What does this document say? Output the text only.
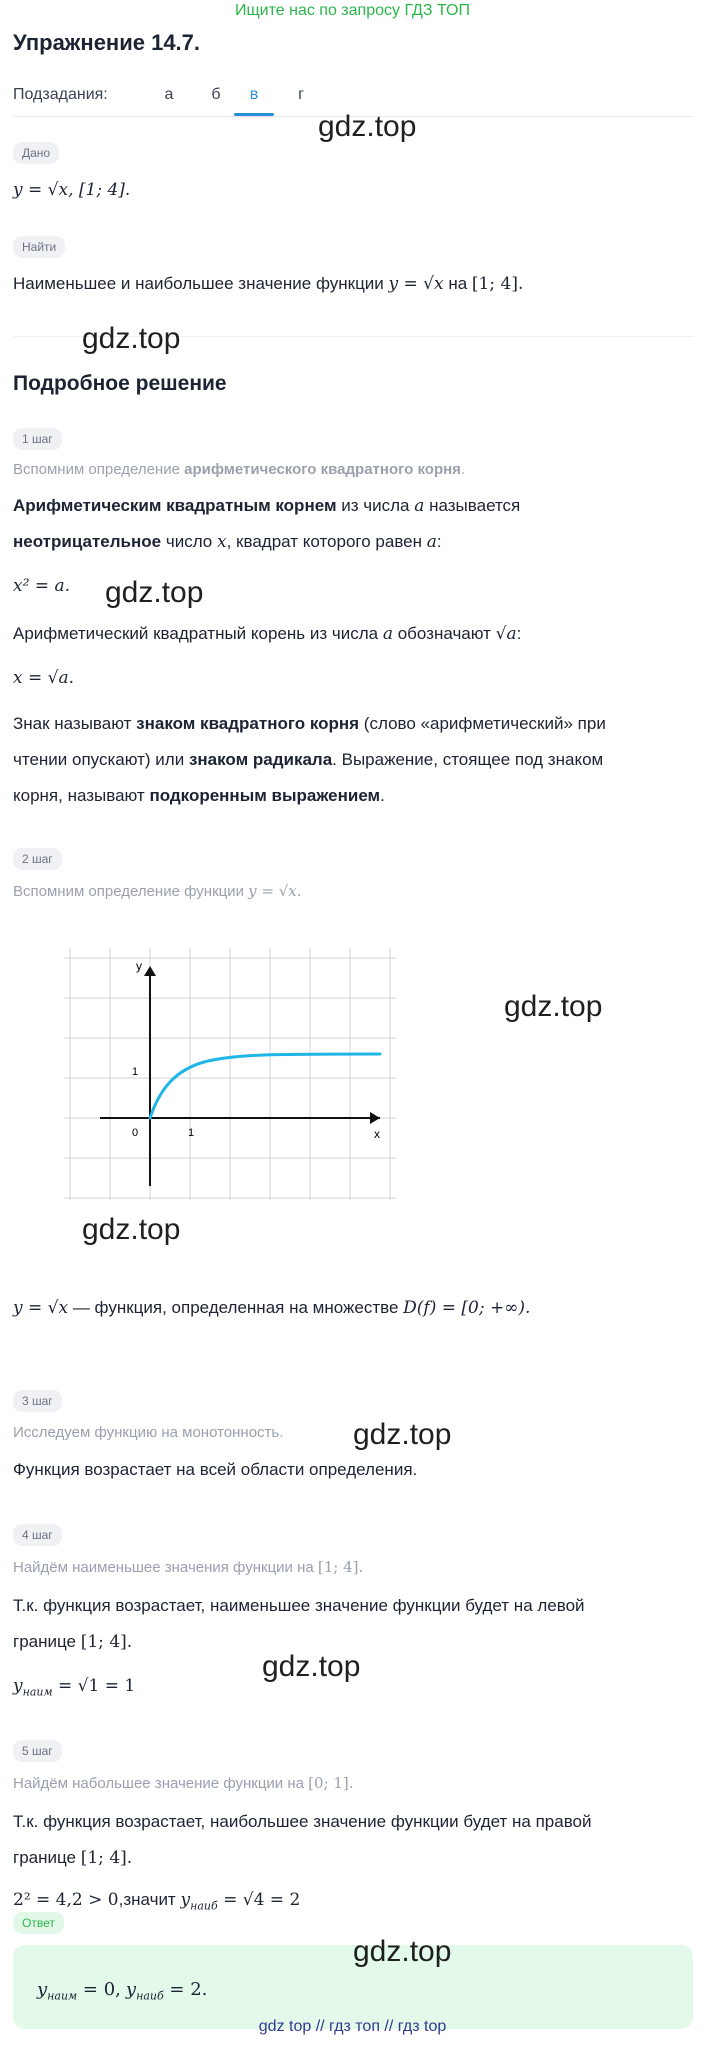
Ищите нас по запросу ГДЗ ТОП
Упражнение 14.7.
Подзадания:	а	б	в	г
gdz.top
Дано
y = √x, [1; 4].
Найти
Наименьшее и наибольшее значение функции y = √x на [1; 4].
gdz.top
Подробное решение
1 шаг
Вспомним определение арифметического квадратного корня.
Арифметическим квадратным корнем из числа a называется
неотрицательное число x, квадрат которого равен a:
x² = a. gdz.top
Арифметический квадратный корень из числа a обозначают √a:
x = √a.
Знак называют знаком квадратного корня (слово «арифметический» при
чтении опускают) или знаком радикала. Выражение, стоящее под знаком
корня, называют подкоренным выражением.
2 шаг
Вспомним определение функции y = √x.
y
x
0	1
1
gdz.top
gdz.top
y = √x — функция, определенная на множестве D(f) = [0; +∞).
3 шаг
Исследуем функцию на монотонность. gdz.top
Функция возрастает на всей области определения.
4 шаг
Найдём наименьшее значения функции на [1; 4].
Т.к. функция возрастает, наименьшее значение функции будет на левой
границе [1; 4].
gdz.top
$y_{наим} = √1 = 1$
5 шаг
Найдём набольшее значение функции на [0; 1].
Т.к. функция возрастает, наибольшее значение функции будет на правой
границе [1; 4].
2² = 4,2 > 0,значит $y_{наиб} = √4 = 2$
Ответ
$y_{наим} = 0$, $y_{наиб} = 2$.
gdz.top
gdz top // гдз топ // гдз top
